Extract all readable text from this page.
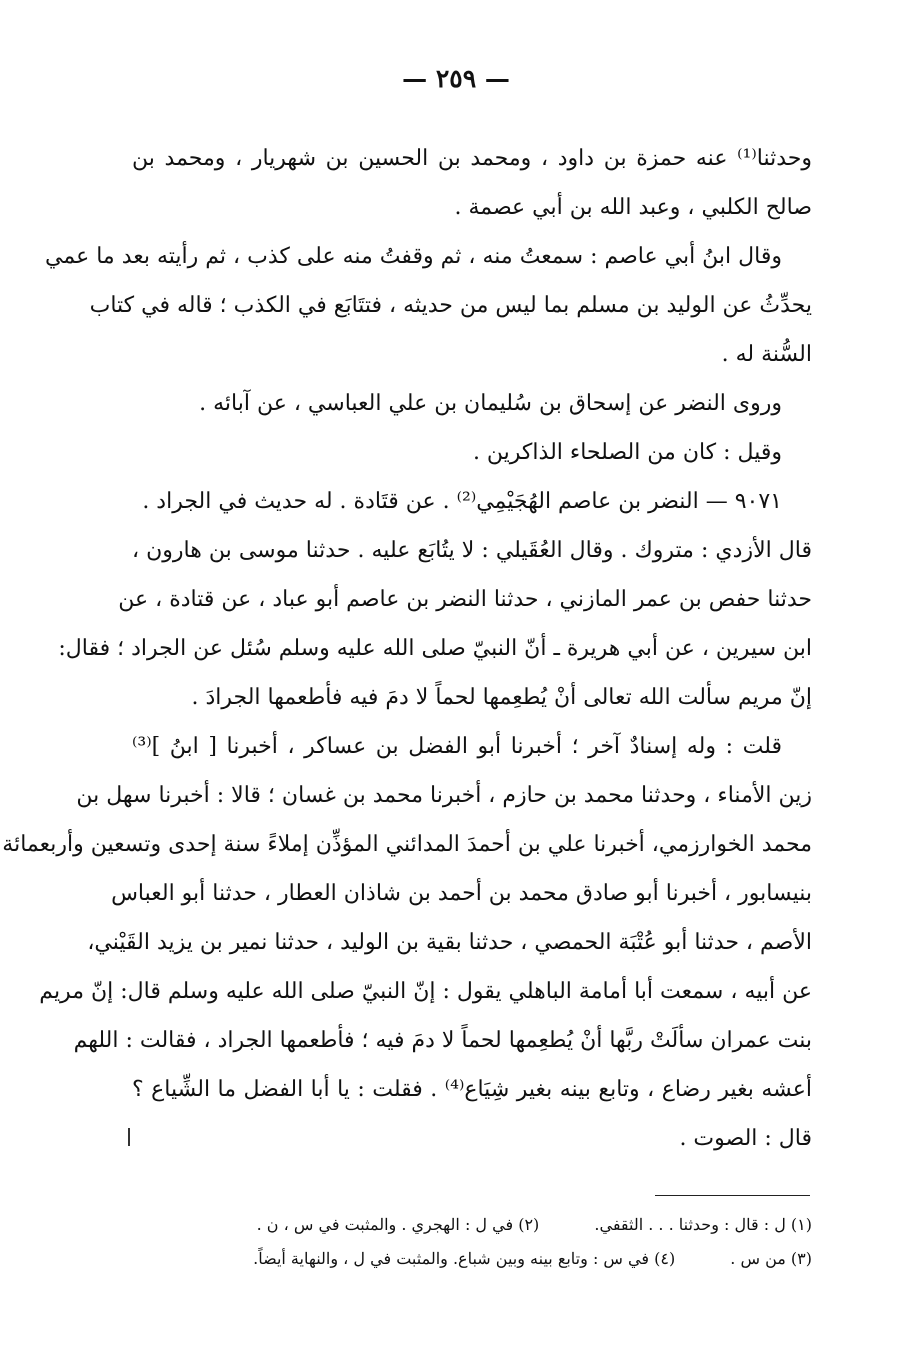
— ٢٥٩ —
وحدثنا⁽¹⁾ عنه حمزة بن داود ، ومحمد بن الحسين بن شهريار ، ومحمد بن
صالح الكلبي ، وعبد الله بن أبي عصمة .
وقال ابنُ أبي عاصم : سمعتُ منه ، ثم وقفتُ منه على كذب ، ثم رأيته بعد ما عمي
يحدِّثُ عن الوليد بن مسلم بما ليس من حديثه ، فتتَابَع في الكذب ؛ قاله في كتاب
السُّنة له .
وروى النضر عن إسحاق بن سُليمان بن علي العباسي ، عن آبائه .
وقيل : كان من الصلحاء الذاكرين .
٩٠٧١ — النضر بن عاصم الهُجَيْمِي⁽²⁾ . عن قتَادة . له حديث في الجراد .
قال الأزدي : متروك . وقال العُقَيلي : لا يتُابَع عليه . حدثنا موسى بن هارون ،
حدثنا حفص بن عمر المازني ، حدثنا النضر بن عاصم أبو عباد ، عن قتادة ، عن
ابن سيرين ، عن أبي هريرة ـ أنّ النبيّ صلى الله عليه وسلم سُئل عن الجراد ؛ فقال:
إنّ مريم سألت الله تعالى أنْ يُطعِمها لحماً لا دمَ فيه فأطعمها الجرادَ .
قلت : وله إسنادٌ آخر ؛ أخبرنا أبو الفضل بن عساكر ، أخبرنا [ ابنُ ]⁽³⁾
زين الأمناء ، وحدثنا محمد بن حازم ، أخبرنا محمد بن غسان ؛ قالا : أخبرنا سهل بن
محمد الخوارزمي، أخبرنا علي بن أحمدَ المدائني المؤذِّن إملاءً سنة إحدى وتسعين وأربعمائة
بنيسابور ، أخبرنا أبو صادق محمد بن أحمد بن شاذان العطار ، حدثنا أبو العباس
الأصم ، حدثنا أبو عُتْبَة الحمصي ، حدثنا بقية بن الوليد ، حدثنا نمير بن يزيد القَيْني،
عن أبيه ، سمعت أبا أمامة الباهلي يقول : إنّ النبيّ صلى الله عليه وسلم قال: إنّ مريم
بنت عمران سألَتْ ربَّها أنْ يُطعِمها لحماً لا دمَ فيه ؛ فأطعمها الجراد ، فقالت : اللهم
أعشه بغير رضاع ، وتابع بينه بغير شِيَاع⁽⁴⁾ . فقلت : يا أبا الفضل ما الشِّياع ؟
قال : الصوت .
(١) ل : قال : وحدثنا . . . الثقفي. (٢) في ل : الهجري . والمثبت في س ، ن .
(٣) من س . (٤) في س : وتابع بينه وبين شباع. والمثبت في ل ، والنهاية أيضاً.
